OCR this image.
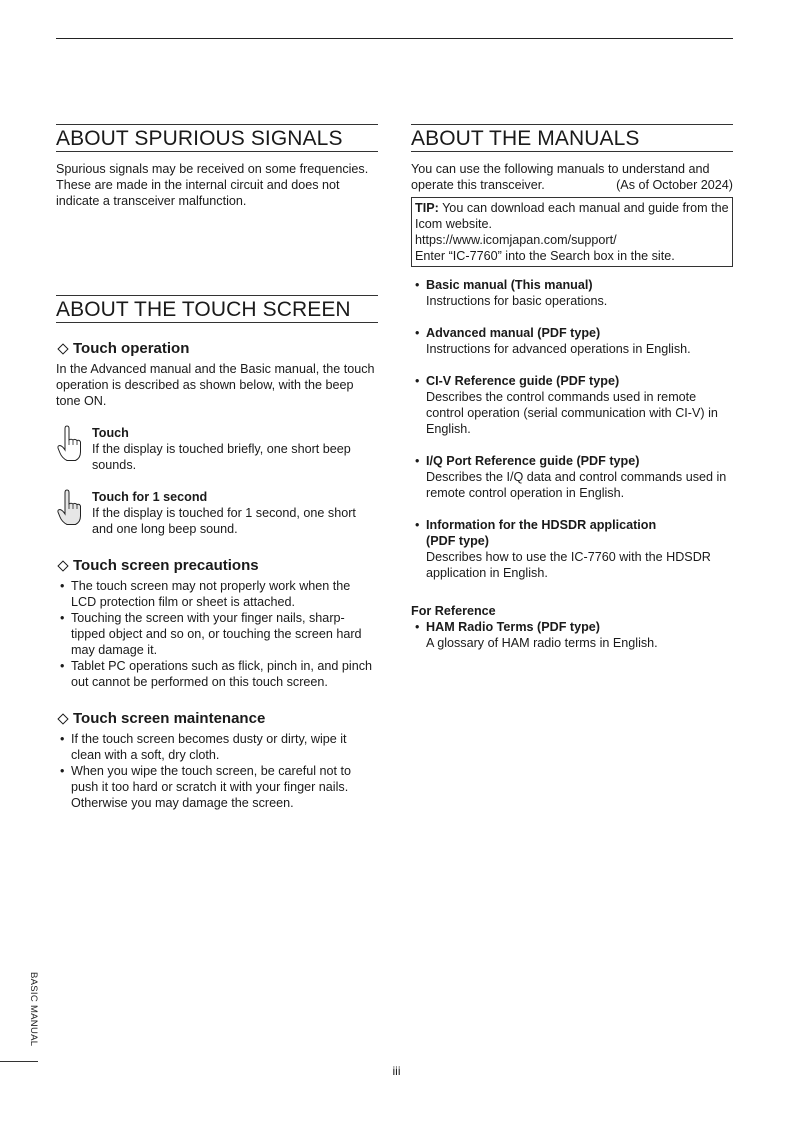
ABOUT SPURIOUS SIGNALS

Spurious signals may be received on some frequencies. These are made in the internal circuit and does not indicate a transceiver malfunction.

ABOUT THE TOUCH SCREEN
Touch operation

In the Advanced manual and the Basic manual, the touch operation is described as shown below, with the beep tone ON.

Touch
If the display is touched briefly, one short beep sounds.
Touch for 1 second
If the display is touched for 1 second, one short and one long beep sound.
Touch screen precautions
• The touch screen may not properly work when the LCD protection film or sheet is attached.
• Touching the screen with your finger nails, sharp-tipped object and so on, or touching the screen hard may damage it.
• Tablet PC operations such as flick, pinch in, and pinch out cannot be performed on this touch screen.
Touch screen maintenance
• If the touch screen becomes dusty or dirty, wipe it clean with a soft, dry cloth.
• When you wipe the touch screen, be careful not to push it too hard or scratch it with your finger nails. Otherwise you may damage the screen.
ABOUT THE MANUALS
You can use the following manuals to understand and
operate this transceiver.	(As of October 2024)
TIP: You can download each manual and guide from the Icom website.
https://www.icomjapan.com/support/
Enter “IC-7760” into the Search box in the site.
• Basic manual (This manual)
Instructions for basic operations.
• Advanced manual (PDF type)
Instructions for advanced operations in English.
• CI-V Reference guide (PDF type)
Describes the control commands used in remote control operation (serial communication with CI-V) in English.
• I/Q Port Reference guide (PDF type)
Describes the I/Q data and control commands used in remote control operation in English.
• Information for the HDSDR application (PDF type)
Describes how to use the IC-7760 with the HDSDR application in English.
For Reference
• HAM Radio Terms (PDF type)
A glossary of HAM radio terms in English.
BASIC MANUAL
iii
